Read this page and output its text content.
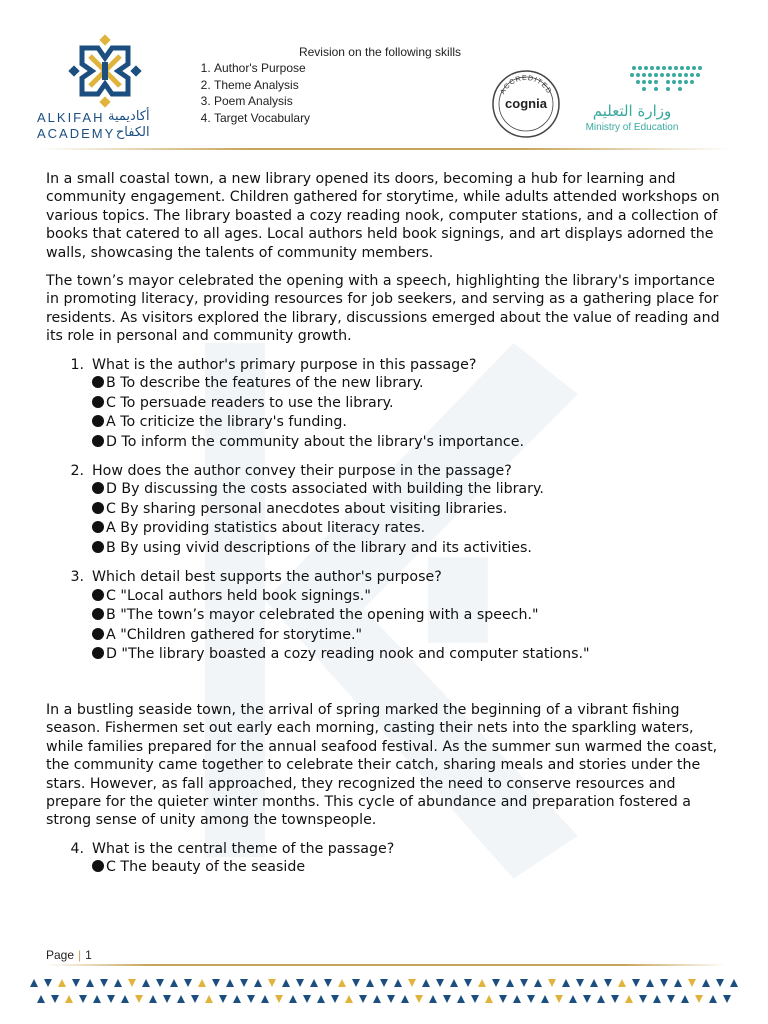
ALKIFAH
ACADEMY
أكاديمية
الكفاح
Revision on the following skills
1. Author's Purpose
2. Theme Analysis
3. Poem Analysis
4. Target Vocabulary
ACCREDITED
cognia	وزارة التعليم
Ministry of Education

In a small coastal town, a new library opened its doors, becoming a hub for learning and community engagement. Children gathered for storytime, while adults attended workshops on various topics. The library boasted a cozy reading nook, computer stations, and a collection of books that catered to all ages. Local authors held book signings, and art displays adorned the walls, showcasing the talents of community members.

The town’s mayor celebrated the opening with a speech, highlighting the library's importance in promoting literacy, providing resources for job seekers, and serving as a gathering place for residents. As visitors explored the library, discussions emerged about the value of reading and its role in personal and community growth.

1. What is the author's primary purpose in this passage?
B To describe the features of the new library.
C To persuade readers to use the library.
A To criticize the library's funding.
D To inform the community about the library's importance.
2. How does the author convey their purpose in the passage?
D By discussing the costs associated with building the library.
C By sharing personal anecdotes about visiting libraries.
A By providing statistics about literacy rates.
B By using vivid descriptions of the library and its activities.
3. Which detail best supports the author's purpose?
C "Local authors held book signings."
B "The town’s mayor celebrated the opening with a speech."
A "Children gathered for storytime."
D "The library boasted a cozy reading nook and computer stations."

In a bustling seaside town, the arrival of spring marked the beginning of a vibrant fishing season. Fishermen set out early each morning, casting their nets into the sparkling waters, while families prepared for the annual seafood festival. As the summer sun warmed the coast, the community came together to celebrate their catch, sharing meals and stories under the stars. However, as fall approached, they recognized the need to conserve resources and prepare for the quieter winter months. This cycle of abundance and preparation fostered a strong sense of unity among the townspeople.

4. What is the central theme of the passage?
C The beauty of the seaside
Page | 1
